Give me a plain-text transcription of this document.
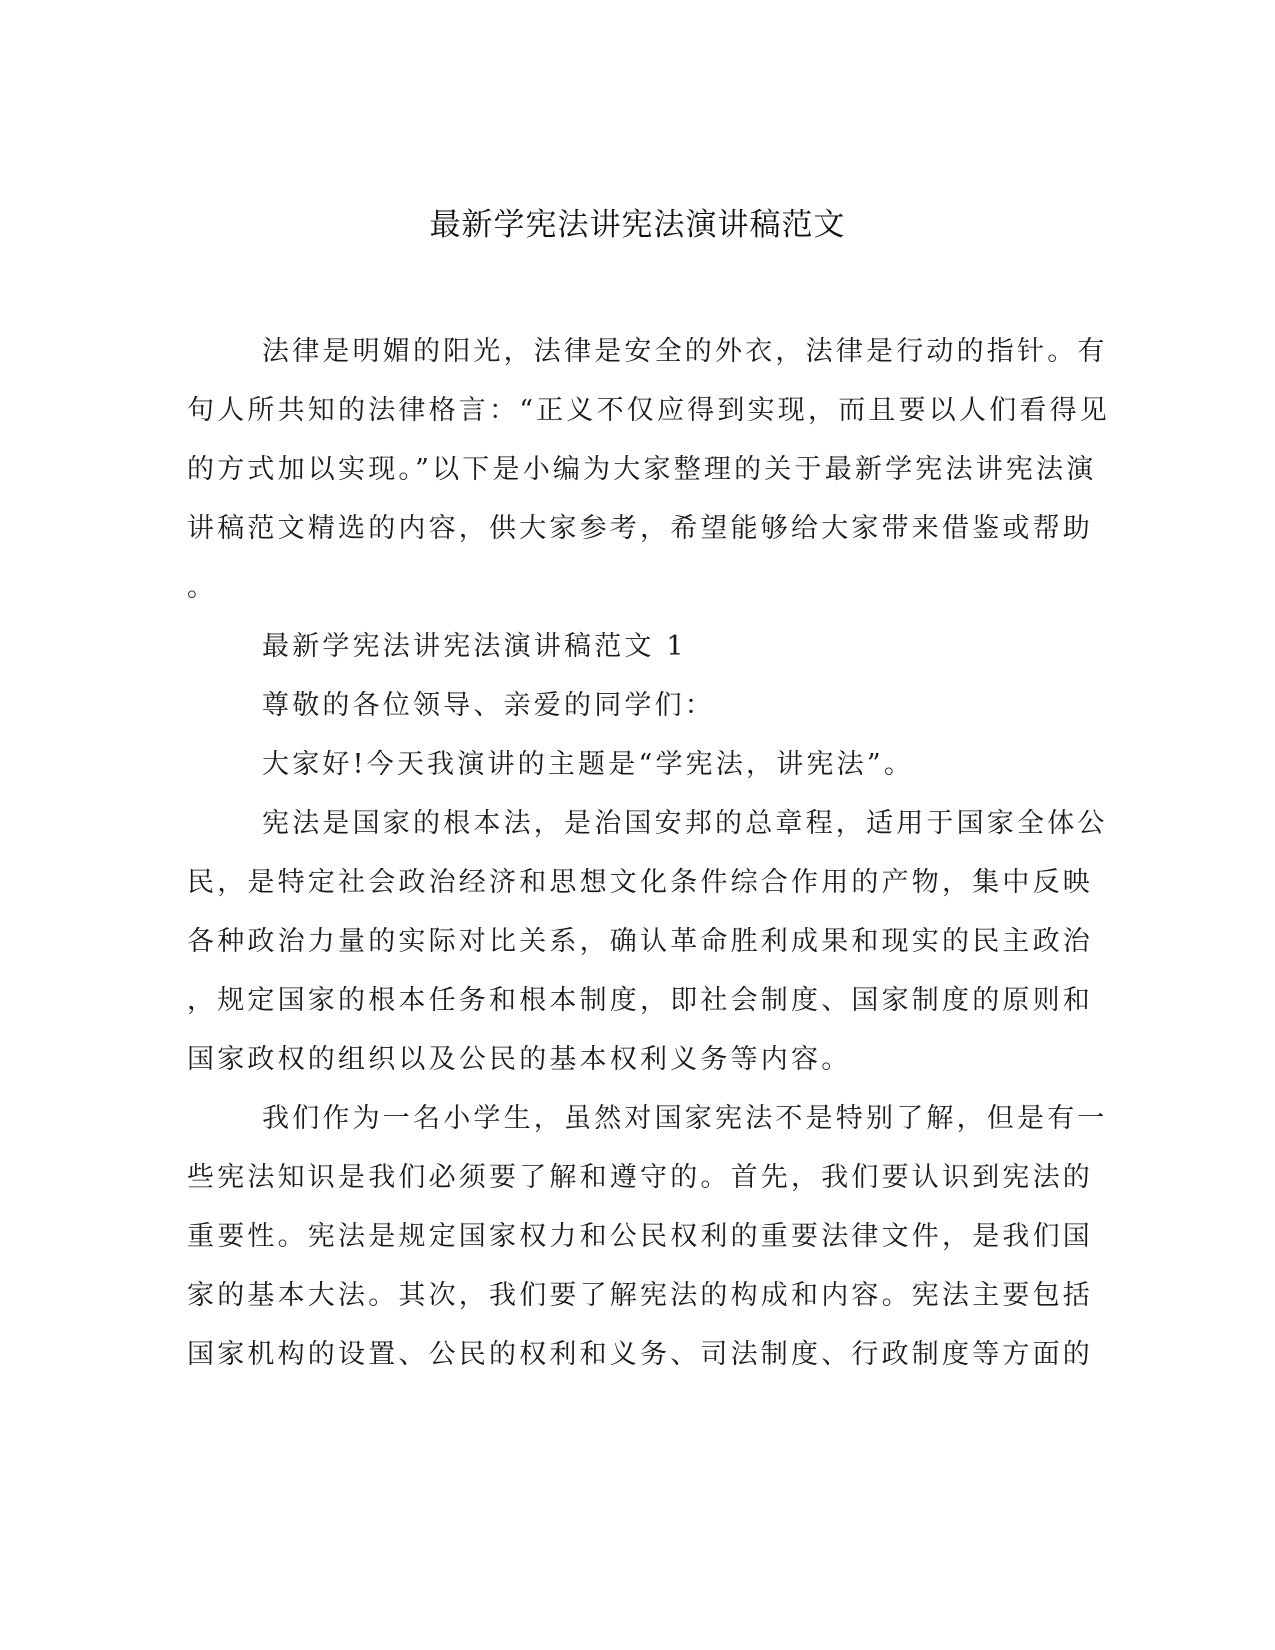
最新学宪法讲宪法演讲稿范文
法律是明媚的阳光，法律是安全的外衣，法律是行动的指针。有
句人所共知的法律格言：“正义不仅应得到实现，而且要以人们看得见
的方式加以实现。”以下是小编为大家整理的关于最新学宪法讲宪法演
讲稿范文精选的内容，供大家参考，希望能够给大家带来借鉴或帮助
。
最新学宪法讲宪法演讲稿范文 1
尊敬的各位领导、亲爱的同学们：
大家好!今天我演讲的主题是“学宪法，讲宪法”。
宪法是国家的根本法，是治国安邦的总章程，适用于国家全体公
民，是特定社会政治经济和思想文化条件综合作用的产物，集中反映
各种政治力量的实际对比关系，确认革命胜利成果和现实的民主政治
，规定国家的根本任务和根本制度，即社会制度、国家制度的原则和
国家政权的组织以及公民的基本权利义务等内容。
我们作为一名小学生，虽然对国家宪法不是特别了解，但是有一
些宪法知识是我们必须要了解和遵守的。首先，我们要认识到宪法的
重要性。宪法是规定国家权力和公民权利的重要法律文件，是我们国
家的基本大法。其次，我们要了解宪法的构成和内容。宪法主要包括
国家机构的设置、公民的权利和义务、司法制度、行政制度等方面的
